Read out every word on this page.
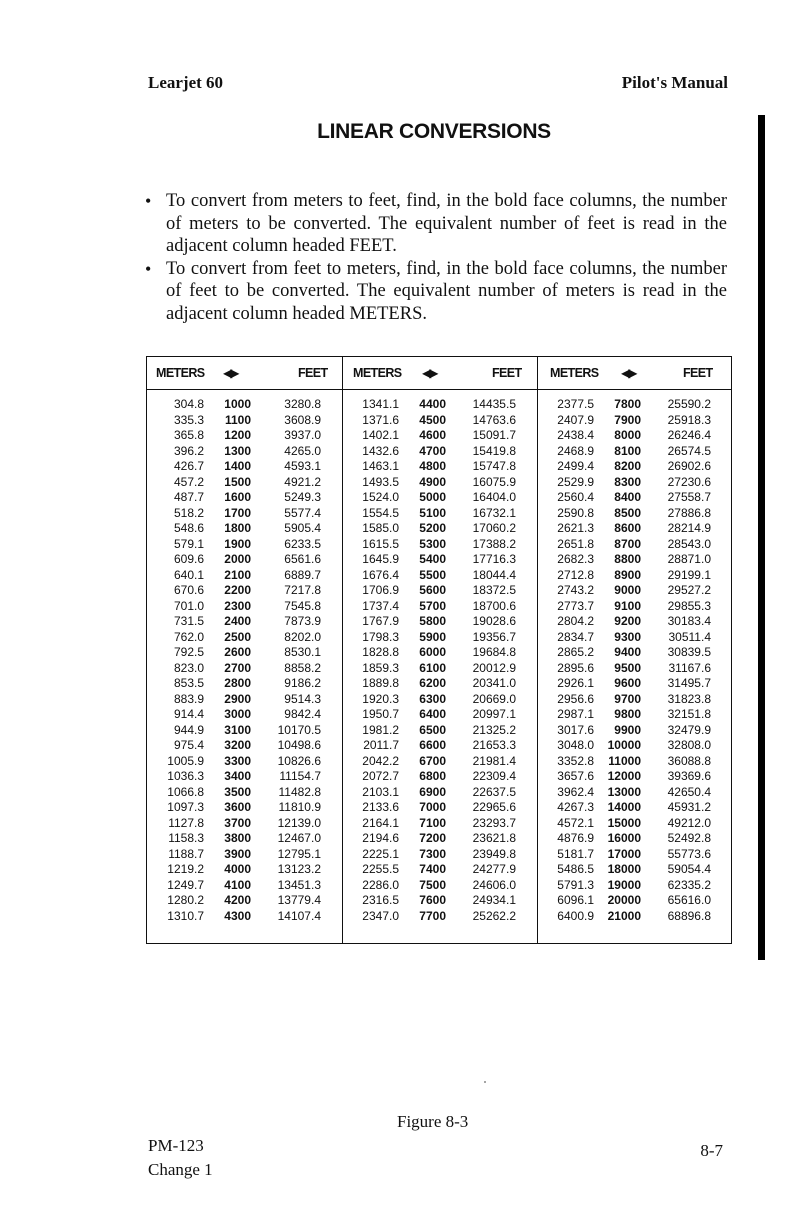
Learjet 60	Pilot's Manual
LINEAR CONVERSIONS
• To convert from meters to feet, find, in the bold face columns, the number of meters to be converted. The equivalent number of feet is read in the adjacent column headed FEET.
• To convert from feet to meters, find, in the bold face columns, the number of feet to be converted. The equivalent number of meters is read in the adjacent column headed METERS.
METERS ◀▶	FEET METERS ◀▶	FEET METERS ◀▶	FEET
304.8 1000	3280.8
335.3 1100	3608.9
365.8 1200	3937.0
396.2 1300	4265.0
426.7 1400	4593.1
457.2 1500	4921.2
487.7 1600	5249.3
518.2 1700	5577.4
548.6 1800	5905.4
579.1 1900	6233.5
609.6 2000	6561.6
640.1 2100	6889.7
670.6 2200	7217.8
701.0 2300	7545.8
731.5 2400	7873.9
762.0 2500	8202.0
792.5 2600	8530.1
823.0 2700	8858.2
853.5 2800	9186.2
883.9 2900	9514.3
914.4 3000	9842.4
944.9 3100 10170.5
975.4 3200 10498.6
1005.9 3300 10826.6
1036.3 3400 11154.7
1066.8 3500 11482.8
1097.3 3600 11810.9
1127.8 3700 12139.0
1158.3 3800 12467.0
1188.7 3900 12795.1
1219.2 4000 13123.2
1249.7 4100 13451.3
1280.2 4200 13779.4
1310.7 4300 14107.4
1341.1 4400 14435.5
1371.6 4500 14763.6
1402.1 4600 15091.7
1432.6 4700 15419.8
1463.1 4800 15747.8
1493.5 4900 16075.9
1524.0 5000 16404.0
1554.5 5100 16732.1
1585.0 5200 17060.2
1615.5 5300 17388.2
1645.9 5400 17716.3
1676.4 5500 18044.4
1706.9 5600 18372.5
1737.4 5700 18700.6
1767.9 5800 19028.6
1798.3 5900 19356.7
1828.8 6000 19684.8
1859.3 6100 20012.9
1889.8 6200 20341.0
1920.3 6300 20669.0
1950.7 6400 20997.1
1981.2 6500 21325.2
2011.7 6600 21653.3
2042.2 6700 21981.4
2072.7 6800 22309.4
2103.1 6900 22637.5
2133.6 7000 22965.6
2164.1 7100 23293.7
2194.6 7200 23621.8
2225.1 7300 23949.8
2255.5 7400 24277.9
2286.0 7500 24606.0
2316.5 7600 24934.1
2347.0 7700 25262.2
2377.5 7800 25590.2
2407.9 7900 25918.3
2438.4 8000 26246.4
2468.9 8100 26574.5
2499.4 8200 26902.6
2529.9 8300 27230.6
2560.4 8400 27558.7
2590.8 8500 27886.8
2621.3 8600 28214.9
2651.8 8700 28543.0
2682.3 8800 28871.0
2712.8 8900 29199.1
2743.2 9000 29527.2
2773.7 9100 29855.3
2804.2 9200 30183.4
2834.7 9300 30511.4
2865.2 9400 30839.5
2895.6 9500 31167.6
2926.1 9600 31495.7
2956.6 9700 31823.8
2987.1 9800 32151.8
3017.6 9900 32479.9
3048.0 10000 32808.0
3352.8 11000 36088.8
3657.6 12000 39369.6
3962.4 13000 42650.4
4267.3 14000 45931.2
4572.1 15000 49212.0
4876.9 16000 52492.8
5181.7 17000 55773.6
5486.5 18000 59054.4
5791.3 19000 62335.2
6096.1 20000 65616.0
6400.9 21000 68896.8
Figure 8-3
PM-123
Change 1
8-7
